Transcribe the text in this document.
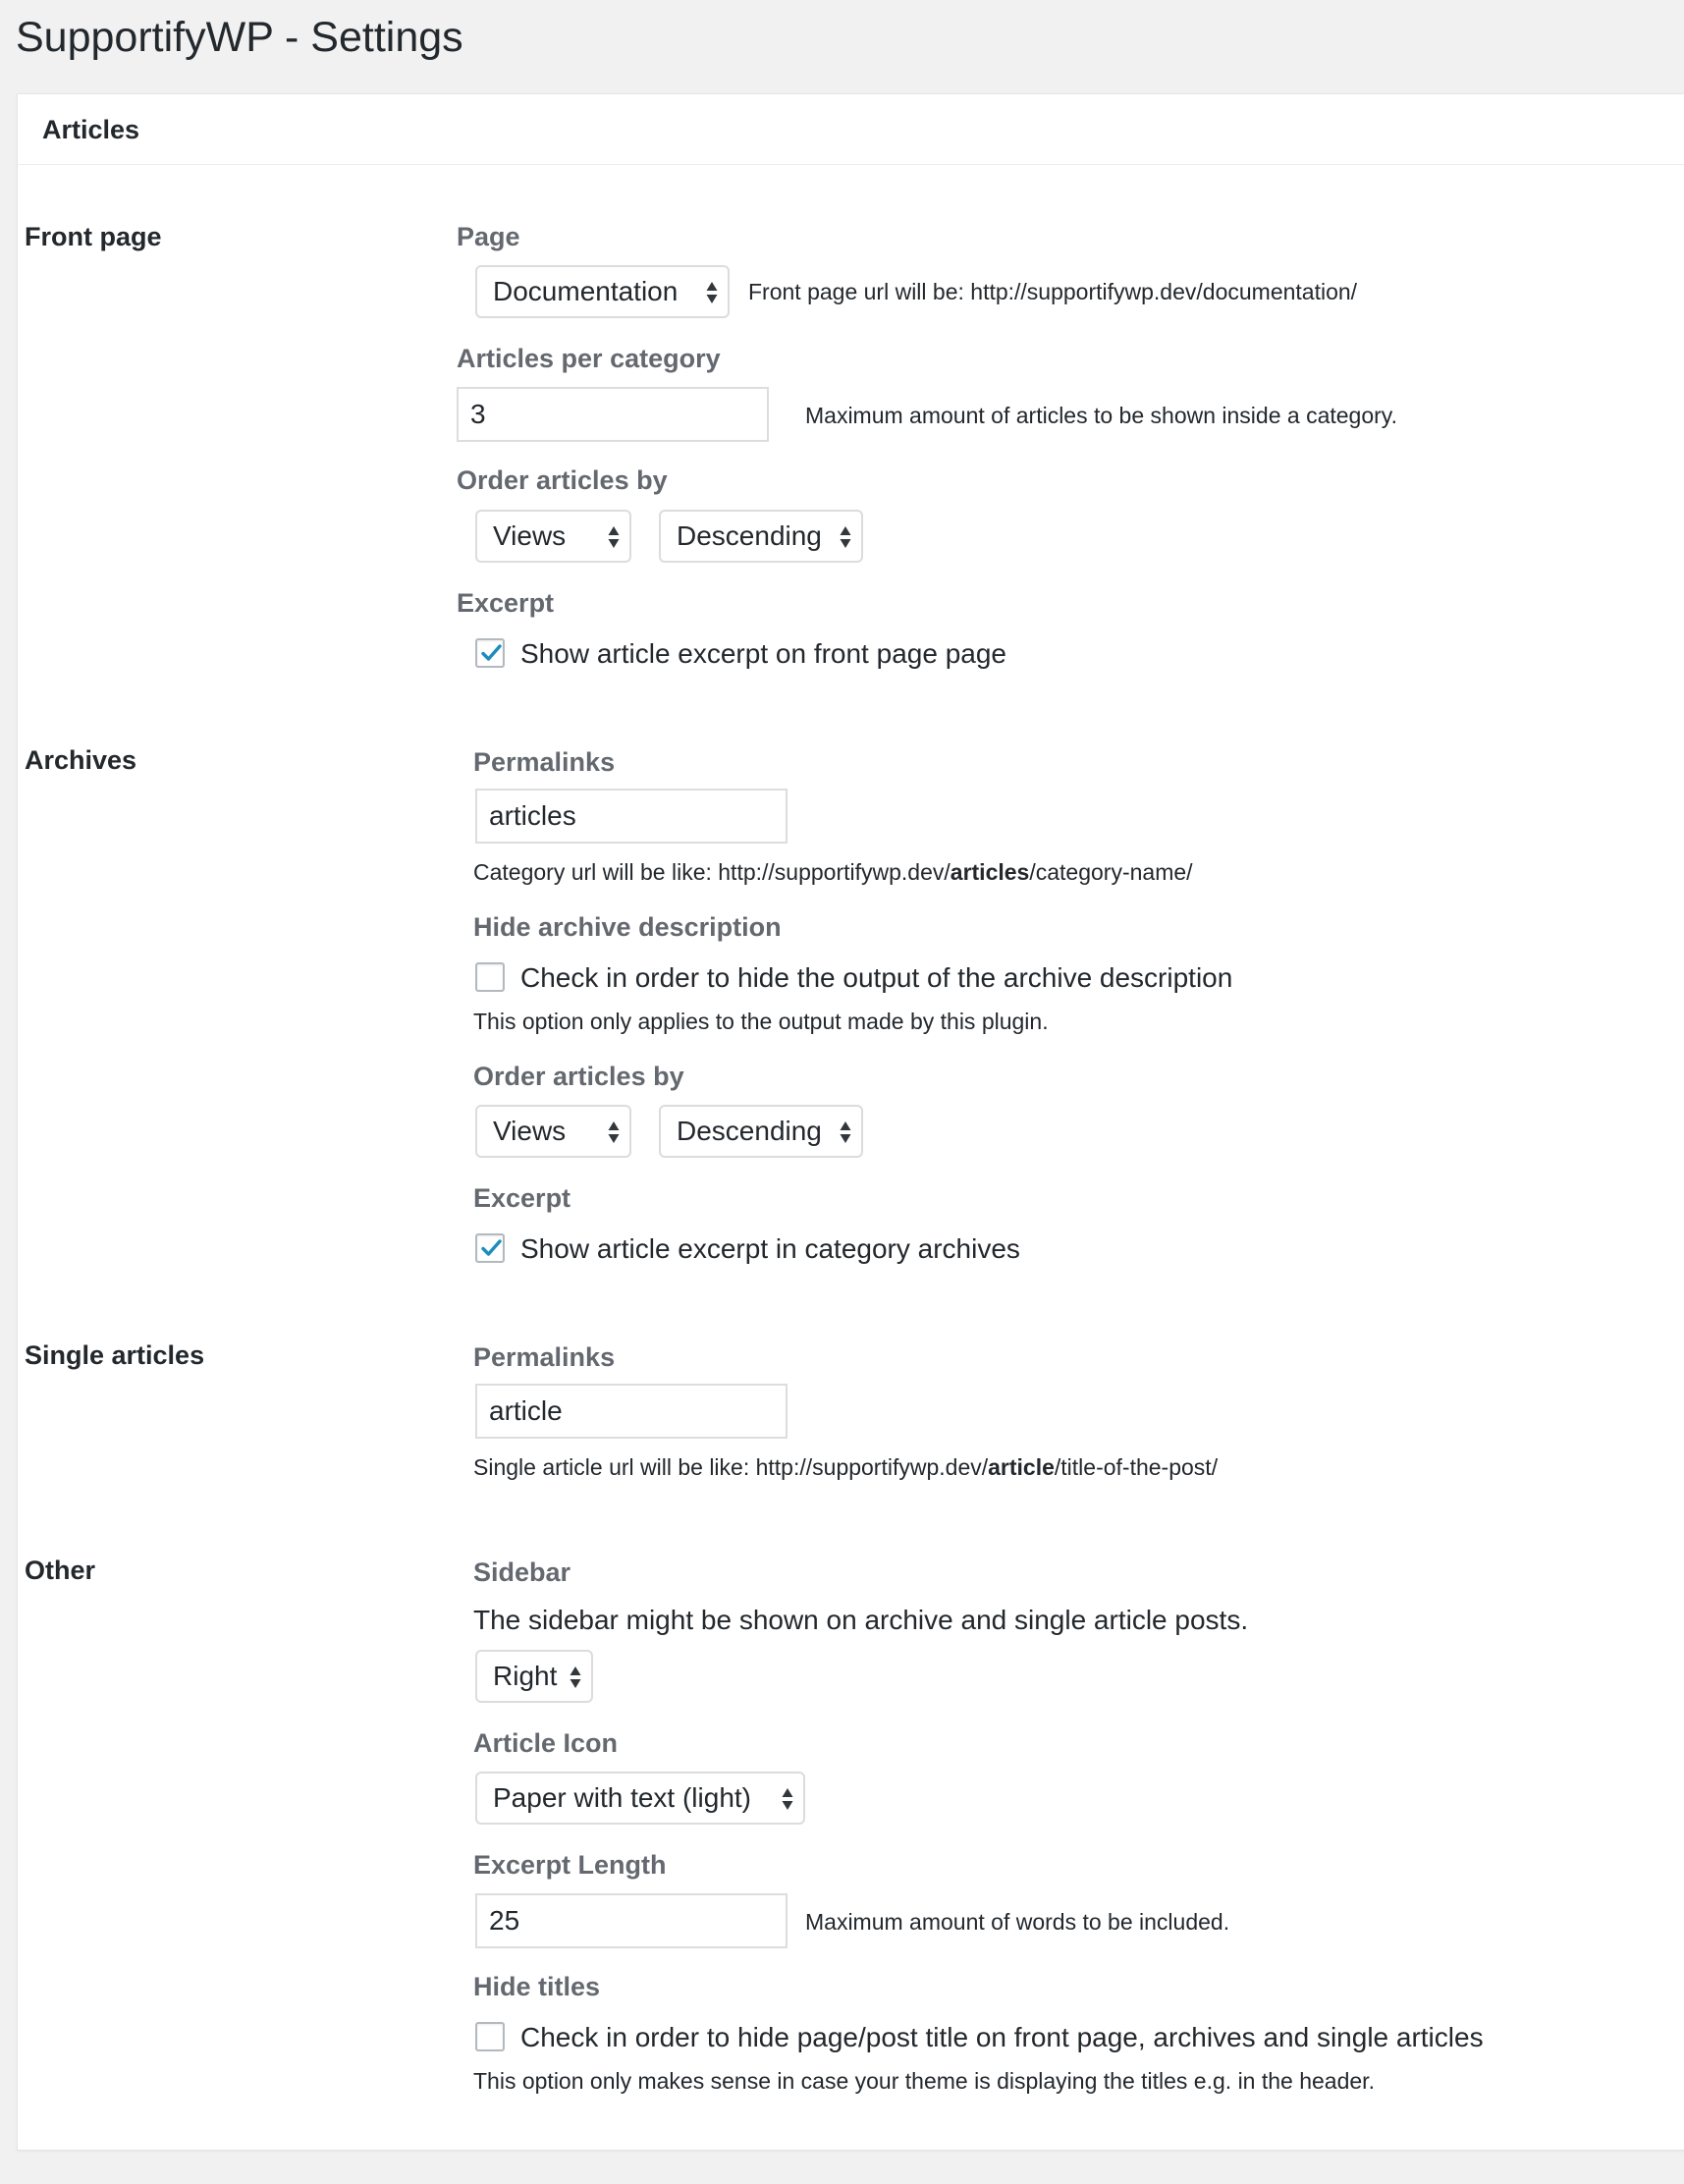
SupportifyWP - Settings
Articles
Front page	Page
Documentation	Front page url will be: http://supportifywp.dev/documentation/
Articles per category
3	Maximum amount of articles to be shown inside a category.
Order articles by
Views	Descending
Excerpt
Show article excerpt on front page page
Archives	Permalinks
articles
Category url will be like: http://supportifywp.dev/articles/category-name/
Hide archive description
Check in order to hide the output of the archive description
This option only applies to the output made by this plugin.
Order articles by
Views	Descending
Excerpt
Show article excerpt in category archives
Single articles	Permalinks
article
Single article url will be like: http://supportifywp.dev/article/title-of-the-post/
Other	Sidebar
The sidebar might be shown on archive and single article posts.
Right
Article Icon
Paper with text (light)
Excerpt Length
25	Maximum amount of words to be included.
Hide titles
Check in order to hide page/post title on front page, archives and single articles
This option only makes sense in case your theme is displaying the titles e.g. in the header.
